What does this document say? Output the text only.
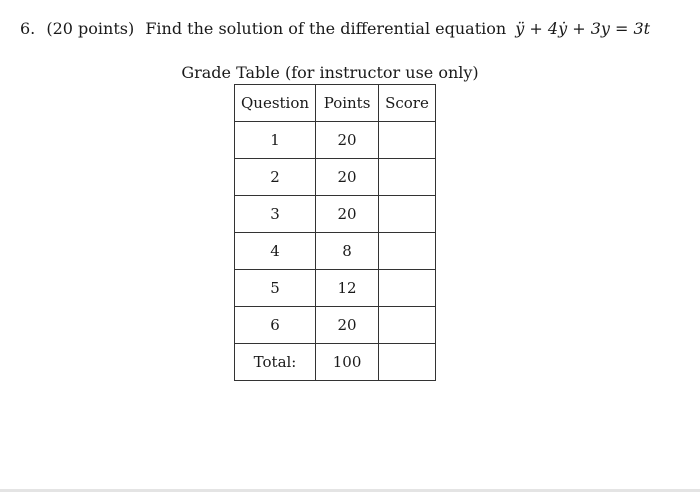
6. (20 points) Find the solution of the differential equation ÿ + 4ẏ + 3y = 3t
Grade Table (for instructor use only)
Question	Points	Score
1	20	
2	20	
3	20	
4	8	
5	12	
6	20	
Total:	100	
